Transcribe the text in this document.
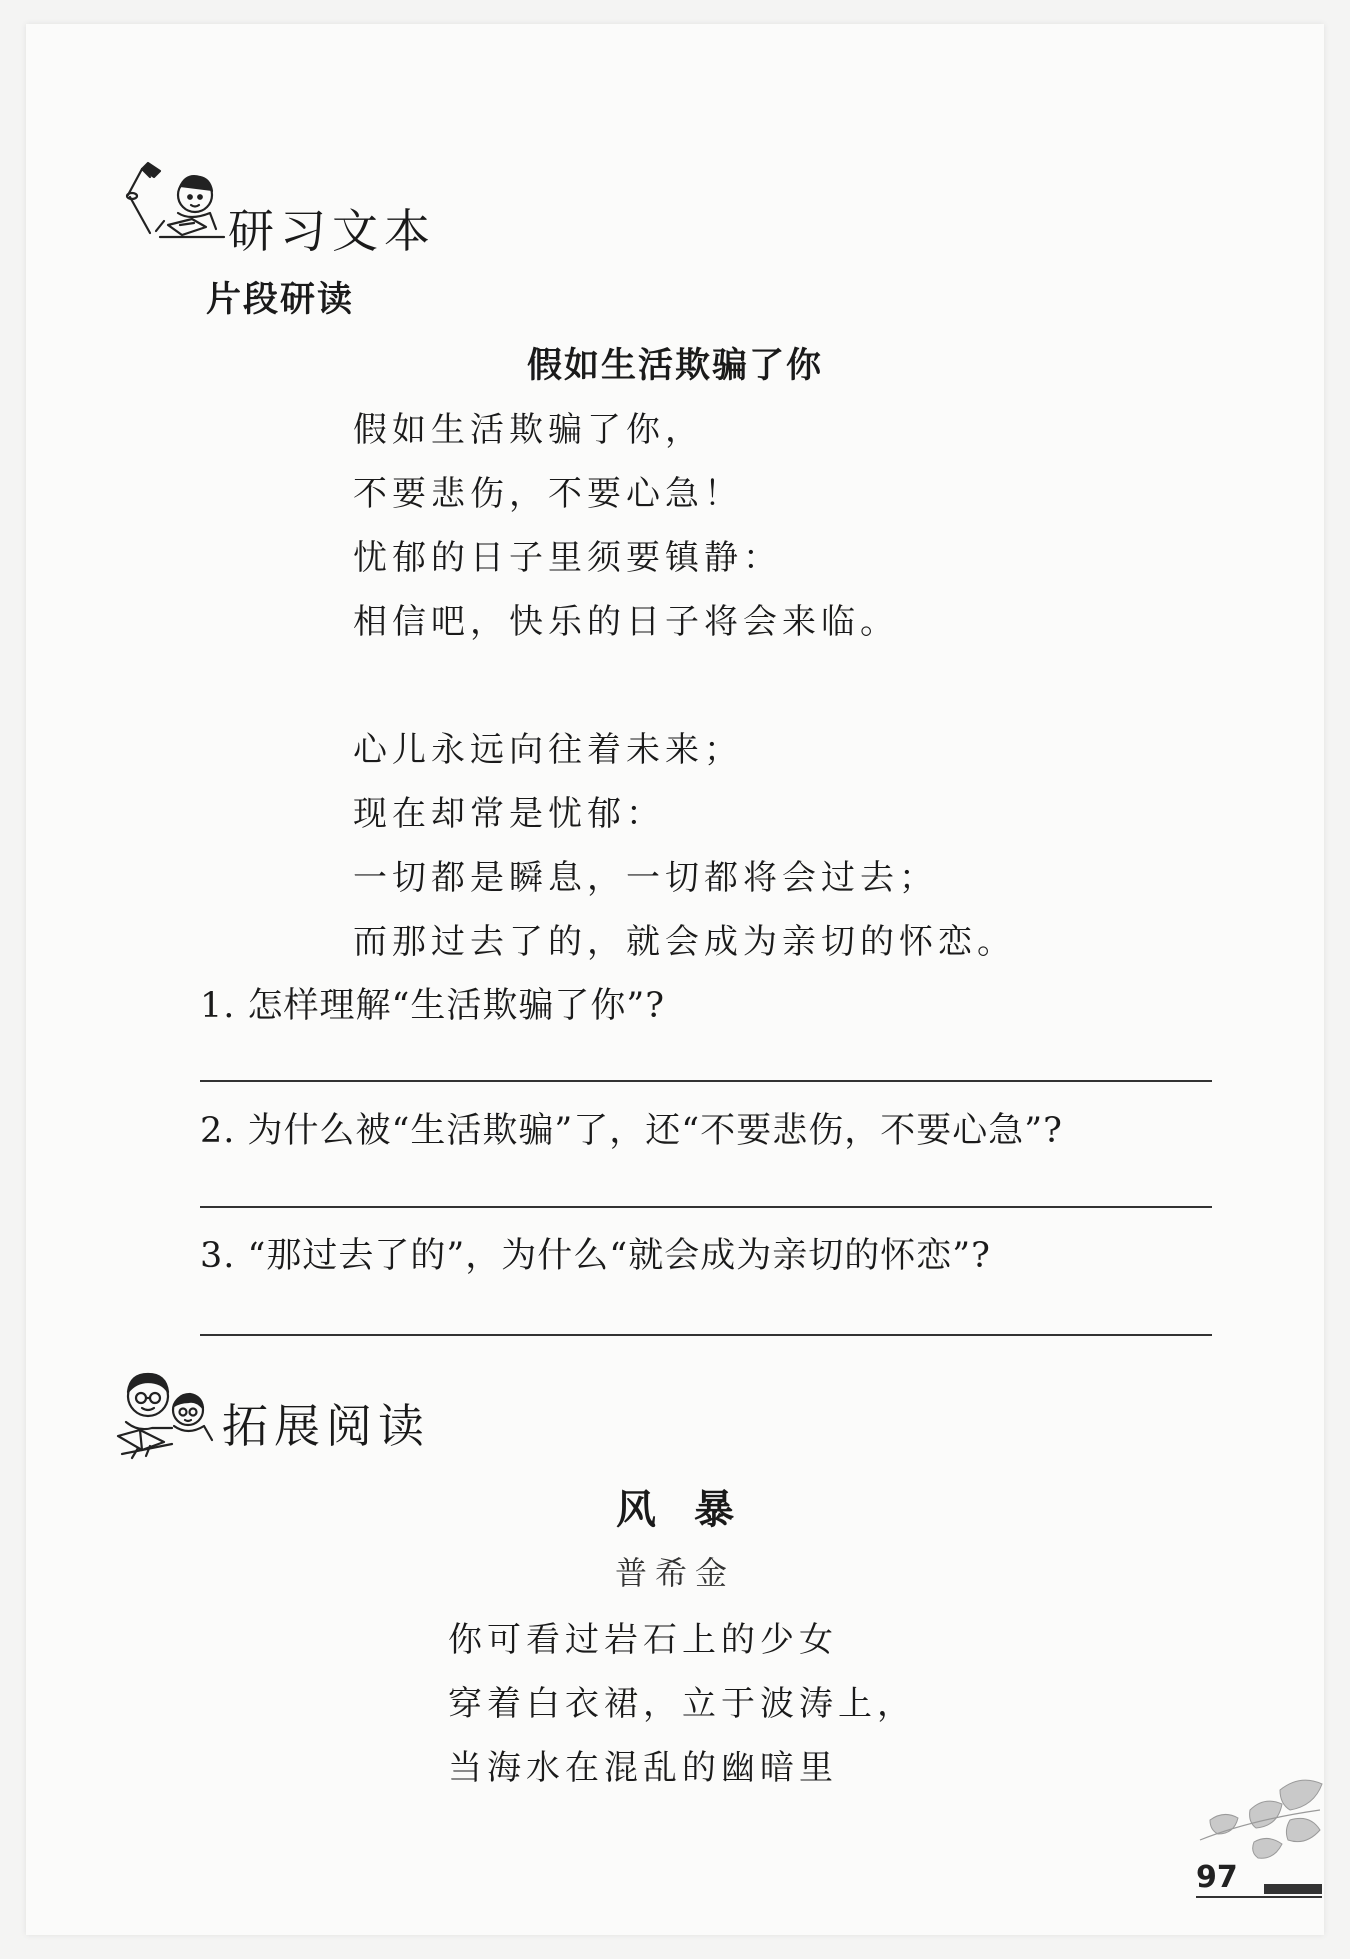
研习文本
片段研读
假如生活欺骗了你
假如生活欺骗了你，
不要悲伤，不要心急！
忧郁的日子里须要镇静：
相信吧，快乐的日子将会来临。
心儿永远向往着未来；
现在却常是忧郁：
一切都是瞬息，一切都将会过去；
而那过去了的，就会成为亲切的怀恋。
1. 怎样理解“生活欺骗了你”?
2. 为什么被“生活欺骗”了，还“不要悲伤，不要心急”?
3. “那过去了的”，为什么“就会成为亲切的怀恋”?
拓展阅读
风暴
普希金
你可看过岩石上的少女
穿着白衣裙，立于波涛上，
当海水在混乱的幽暗里
97
